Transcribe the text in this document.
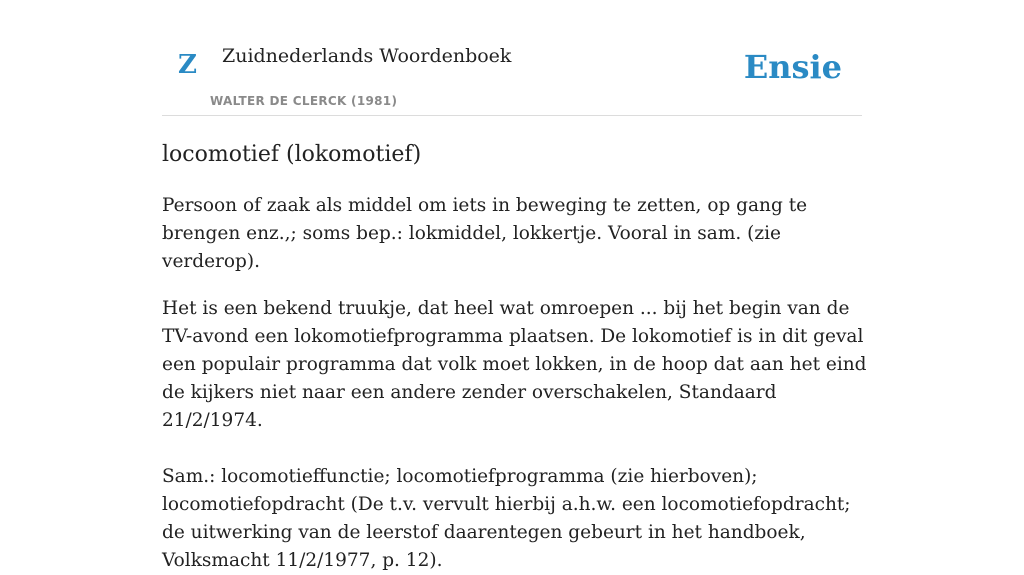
Z Zuidnederlands Woordenboek
WALTER DE CLERCK (1981)
Ensie
locomotief (lokomotief)

Persoon of zaak als middel om iets in beweging te zetten, op gang te brengen enz.,; soms bep.: lokmiddel, lokkertje. Vooral in sam. (zie verderop).

Het is een bekend truukje, dat heel wat omroepen ... bij het begin van de TV-avond een lokomotiefprogramma plaatsen. De lokomotief is in dit geval een populair programma dat volk moet lokken, in de hoop dat aan het eind de kijkers niet naar een andere zender overschakelen, Standaard 21/2/1974.

Sam.: locomotieffunctie; locomotiefprogramma (zie hierboven); locomotiefopdracht (De t.v. vervult hierbij a.h.w. een locomotiefopdracht; de uitwerking van de leerstof daarentegen gebeurt in het handboek, Volksmacht 11/2/1977, p. 12).
